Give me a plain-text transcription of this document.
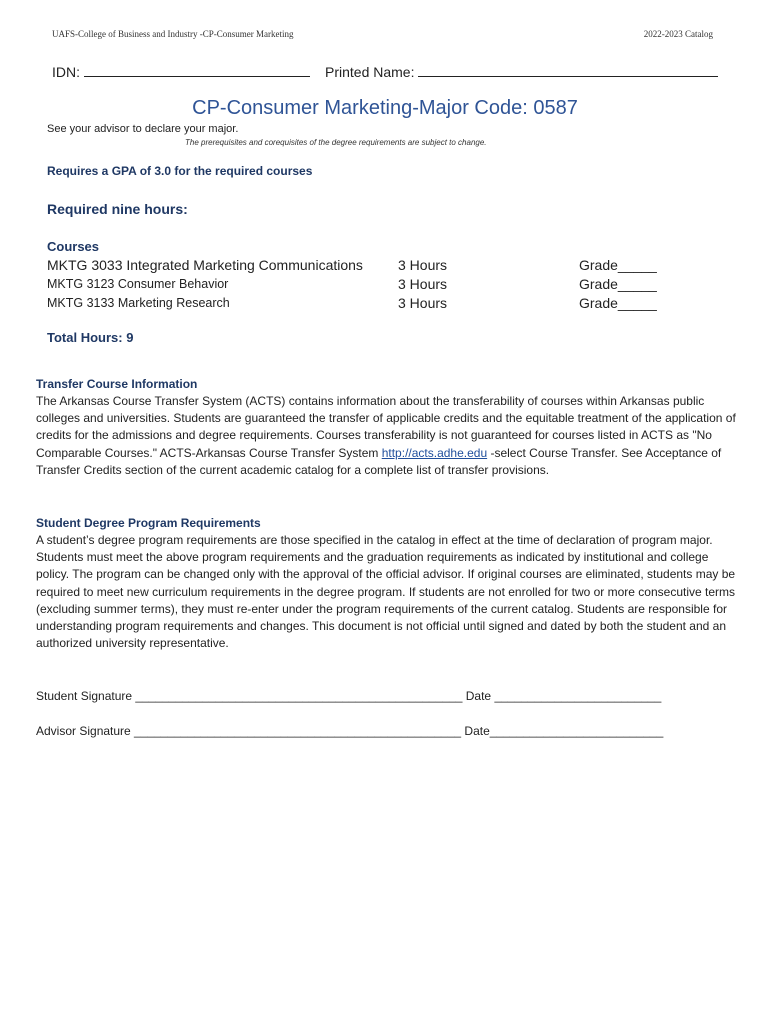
UAFS-College of Business and Industry -CP-Consumer Marketing	2022-2023 Catalog
IDN:	Printed Name:
CP-Consumer Marketing-Major Code: 0587
See your advisor to declare your major.
The prerequisites and corequisites of the degree requirements are subject to change.
Requires a GPA of 3.0 for the required courses
Required nine hours:
Courses
MKTG 3033 Integrated Marketing Communications	3 Hours	Grade_____
MKTG 3123 Consumer Behavior	3 Hours	Grade_____
MKTG 3133 Marketing Research	3 Hours	Grade_____
Total Hours: 9
Transfer Course Information

The Arkansas Course Transfer System (ACTS) contains information about the transferability of courses within Arkansas public colleges and universities. Students are guaranteed the transfer of applicable credits and the equitable treatment of the application of credits for the admissions and degree requirements. Courses transferability is not guaranteed for courses listed in ACTS as "No Comparable Courses." ACTS-Arkansas Course Transfer System http://acts.adhe.edu -select Course Transfer. See Acceptance of Transfer Credits section of the current academic catalog for a complete list of transfer provisions.

Student Degree Program Requirements

A student’s degree program requirements are those specified in the catalog in effect at the time of declaration of program major. Students must meet the above program requirements and the graduation requirements as indicated by institutional and college policy. The program can be changed only with the approval of the official advisor. If original courses are eliminated, students may be required to meet new curriculum requirements in the degree program. If students are not enrolled for two or more consecutive terms (excluding summer terms), they must re-enter under the program requirements of the current catalog. Students are responsible for understanding program requirements and changes. This document is not official until signed and dated by both the student and an authorized university representative.

Student Signature _________________________________________________ Date _________________________
Advisor Signature _________________________________________________ Date__________________________
